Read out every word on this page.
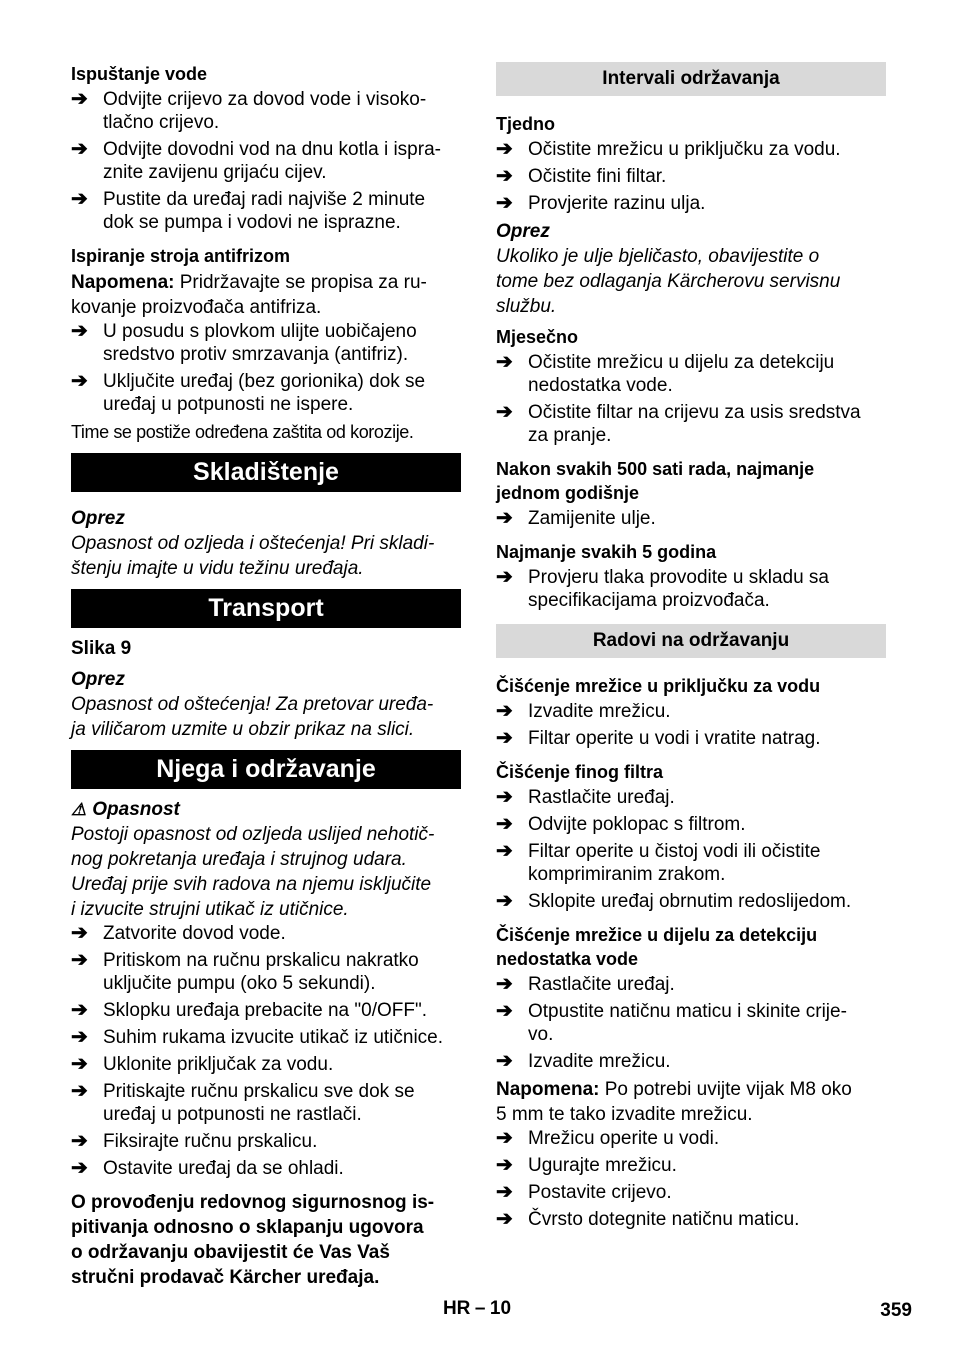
Ispuštanje vode
➔ Odvijte crijevo za dovod vode i visoko-
tlačno crijevo.
➔ Odvijte dovodni vod na dnu kotla i ispra-
znite zavijenu grijaću cijev.
➔ Pustite da uređaj radi najviše 2 minute
dok se pumpa i vodovi ne isprazne.
Ispiranje stroja antifrizom

Napomena: Pridržavajte se propisa za ru-
kovanje proizvođača antifriza.

➔ U posudu s plovkom ulijte uobičajeno
sredstvo protiv smrzavanja (antifriz).
➔ Uključite uređaj (bez gorionika) dok se
uređaj u potpunosti ne ispere.

Time se postiže određena zaštita od korozije.

Skladištenje

Oprez

Opasnost od ozljeda i oštećenja! Pri skladi-
štenju imajte u vidu težinu uređaja.

Transport

Slika 9

Oprez

Opasnost od oštećenja! Za pretovar uređa-
ja viličarom uzmite u obzir prikaz na slici.

Njega i održavanje

⚠ Opasnost

Postoji opasnost od ozljeda uslijed nehotič-
nog pokretanja uređaja i strujnog udara.
Uređaj prije svih radova na njemu isključite
i izvucite strujni utikač iz utičnice.

➔ Zatvorite dovod vode.
➔ Pritiskom na ručnu prskalicu nakratko
uključite pumpu (oko 5 sekundi).
➔ Sklopku uređaja prebacite na "0/OFF".
➔ Suhim rukama izvucite utikač iz utičnice.
➔ Uklonite priključak za vodu.
➔ Pritiskajte ručnu prskalicu sve dok se
uređaj u potpunosti ne rastlači.
➔ Fiksirajte ručnu prskalicu.
➔ Ostavite uređaj da se ohladi.

O provođenju redovnog sigurnosnog is-
pitivanja odnosno o sklapanju ugovora
o održavanju obavijestit će Vas Vaš
stručni prodavač Kärcher uređaja.

Intervali održavanja
Tjedno
➔ Očistite mrežicu u priključku za vodu.
➔ Očistite fini filtar.
➔ Provjerite razinu ulja.

Oprez

Ukoliko je ulje bjeličasto, obavijestite o
tome bez odlaganja Kärcherovu servisnu
službu.

Mjesečno
➔ Očistite mrežicu u dijelu za detekciju
nedostatka vode.
➔ Očistite filtar na crijevu za usis sredstva
za pranje.
Nakon svakih 500 sati rada, najmanje
jednom godišnje
➔ Zamijenite ulje.
Najmanje svakih 5 godina
➔ Provjeru tlaka provodite u skladu sa
specifikacijama proizvođača.
Radovi na održavanju
Čišćenje mrežice u priključku za vodu
➔ Izvadite mrežicu.
➔ Filtar operite u vodi i vratite natrag.
Čišćenje finog filtra
➔ Rastlačite uređaj.
➔ Odvijte poklopac s filtrom.
➔ Filtar operite u čistoj vodi ili očistite
komprimiranim zrakom.
➔ Sklopite uređaj obrnutim redoslijedom.
Čišćenje mrežice u dijelu za detekciju
nedostatka vode
➔ Rastlačite uređaj.
➔ Otpustite natičnu maticu i skinite crije-
vo.
➔ Izvadite mrežicu.

Napomena: Po potrebi uvijte vijak M8 oko
5 mm te tako izvadite mrežicu.

➔ Mrežicu operite u vodi.
➔ Ugurajte mrežicu.
➔ Postavite crijevo.
➔ Čvrsto dotegnite natičnu maticu.
HR – 10	359
